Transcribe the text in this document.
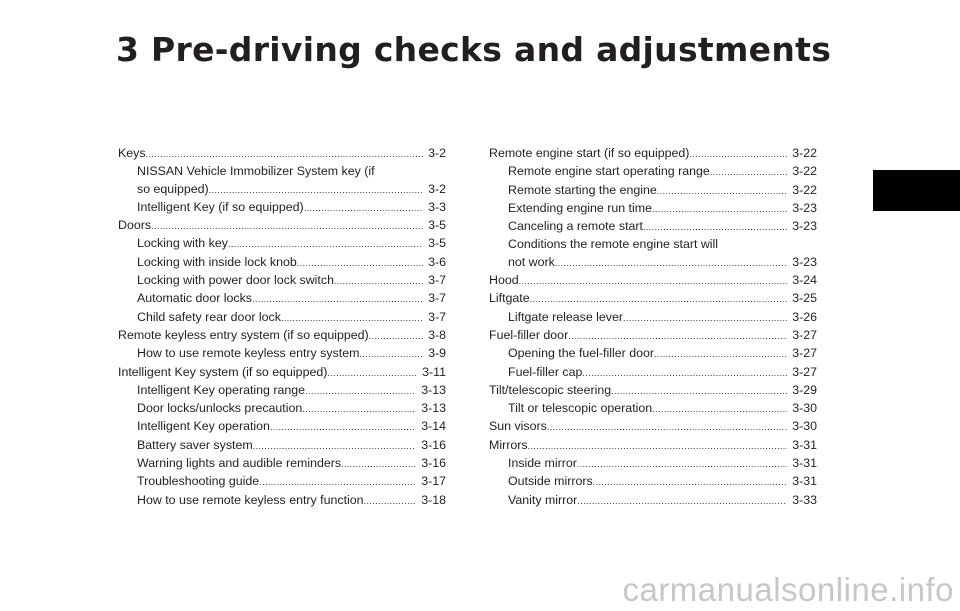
3 Pre-driving checks and adjustments
Keys .....	3-2
NISSAN Vehicle Immobilizer System key (if
so equipped) .....	3-2
Intelligent Key (if so equipped) .....	3-3
Doors .....	3-5
Locking with key .....	3-5
Locking with inside lock knob .....	3-6
Locking with power door lock switch .....	3-7
Automatic door locks .....	3-7
Child safety rear door lock .....	3-7
Remote keyless entry system (if so equipped) .....	3-8
How to use remote keyless entry system .....	3-9
Intelligent Key system (if so equipped) .....	3-11
Intelligent Key operating range .....	3-13
Door locks/unlocks precaution .....	3-13
Intelligent Key operation .....	3-14
Battery saver system .....	3-16
Warning lights and audible reminders .....	3-16
Troubleshooting guide .....	3-17
How to use remote keyless entry function .....	3-18
Remote engine start (if so equipped) .....	3-22
Remote engine start operating range .....	3-22
Remote starting the engine .....	3-22
Extending engine run time .....	3-23
Canceling a remote start .....	3-23
Conditions the remote engine start will
not work .....	3-23
Hood .....	3-24
Liftgate .....	3-25
Liftgate release lever .....	3-26
Fuel-filler door .....	3-27
Opening the fuel-filler door .....	3-27
Fuel-filler cap .....	3-27
Tilt/telescopic steering .....	3-29
Tilt or telescopic operation .....	3-30
Sun visors .....	3-30
Mirrors .....	3-31
Inside mirror .....	3-31
Outside mirrors .....	3-31
Vanity mirror .....	3-33
carmanualsonline.info
